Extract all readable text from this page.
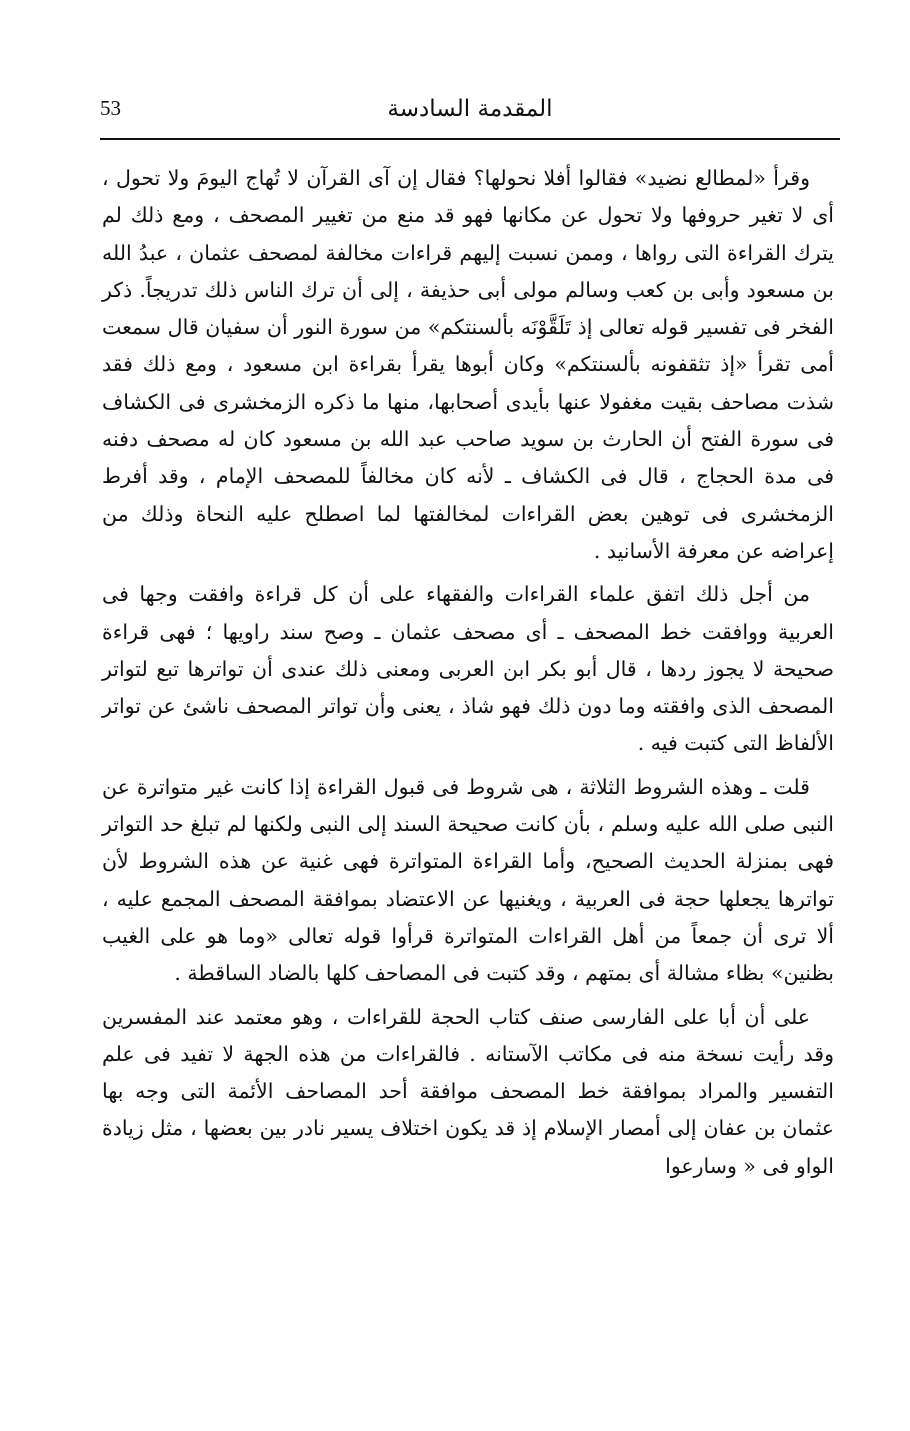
53	المقدمة السادسة

وقرأ «لمطالع نضيد» فقالوا أفلا نحولها؟ فقال إن آى القرآن لا تُهاج اليومَ ولا تحول ، أى لا تغير حروفها ولا تحول عن مكانها فهو قد منع من تغيير المصحف ، ومع ذلك لم يترك القراءة التى رواها ، وممن نسبت إليهم قراءات مخالفة لمصحف عثمان ، عبدُ الله بن مسعود وأبى بن كعب وسالم مولى أبى حذيفة ، إلى أن ترك الناس ذلك تدريجاً. ذكر الفخر فى تفسير قوله تعالى إذ تَلَقَّوْنَه بألسنتكم» من سورة النور أن سفيان قال سمعت أمى تقرأ «إذ تثقفونه بألسنتكم» وكان أبوها يقرأ بقراءة ابن مسعود ، ومع ذلك فقد شذت مصاحف بقيت مغفولا عنها بأيدى أصحابها، منها ما ذكره الزمخشرى فى الكشاف فى سورة الفتح أن الحارث بن سويد صاحب عبد الله بن مسعود كان له مصحف دفنه فى مدة الحجاج ، قال فى الكشاف ـ لأنه كان مخالفاً للمصحف الإمام ، وقد أفرط الزمخشرى فى توهين بعض القراءات لمخالفتها لما اصطلح عليه النحاة وذلك من إعراضه عن معرفة الأسانيد .

من أجل ذلك اتفق علماء القراءات والفقهاء على أن كل قراءة وافقت وجها فى العربية ووافقت خط المصحف ـ أى مصحف عثمان ـ وصح سند راويها ؛ فهى قراءة صحيحة لا يجوز ردها ، قال أبو بكر ابن العربى ومعنى ذلك عندى أن تواترها تبع لتواتر المصحف الذى وافقته وما دون ذلك فهو شاذ ، يعنى وأن تواتر المصحف ناشئ عن تواتر الألفاظ التى كتبت فيه .

قلت ـ وهذه الشروط الثلاثة ، هى شروط فى قبول القراءة إذا كانت غير متواترة عن النبى صلى الله عليه وسلم ، بأن كانت صحيحة السند إلى النبى ولكنها لم تبلغ حد التواتر فهى بمنزلة الحديث الصحيح، وأما القراءة المتواترة فهى غنية عن هذه الشروط لأن تواترها يجعلها حجة فى العربية ، ويغنيها عن الاعتضاد بموافقة المصحف المجمع عليه ، ألا ترى أن جمعاً من أهل القراءات المتواترة قرأوا قوله تعالى «وما هو على الغيب بظنين» بظاء مشالة أى بمتهم ، وقد كتبت فى المصاحف كلها بالضاد الساقطة .

على أن أبا على الفارسى صنف كتاب الحجة للقراءات ، وهو معتمد عند المفسرين وقد رأيت نسخة منه فى مكاتب الآستانه . فالقراءات من هذه الجهة لا تفيد فى علم التفسير والمراد بموافقة خط المصحف موافقة أحد المصاحف الأئمة التى وجه بها عثمان بن عفان إلى أمصار الإسلام إذ قد يكون اختلاف يسير نادر بين بعضها ، مثل زيادة الواو فى « وسارعوا
